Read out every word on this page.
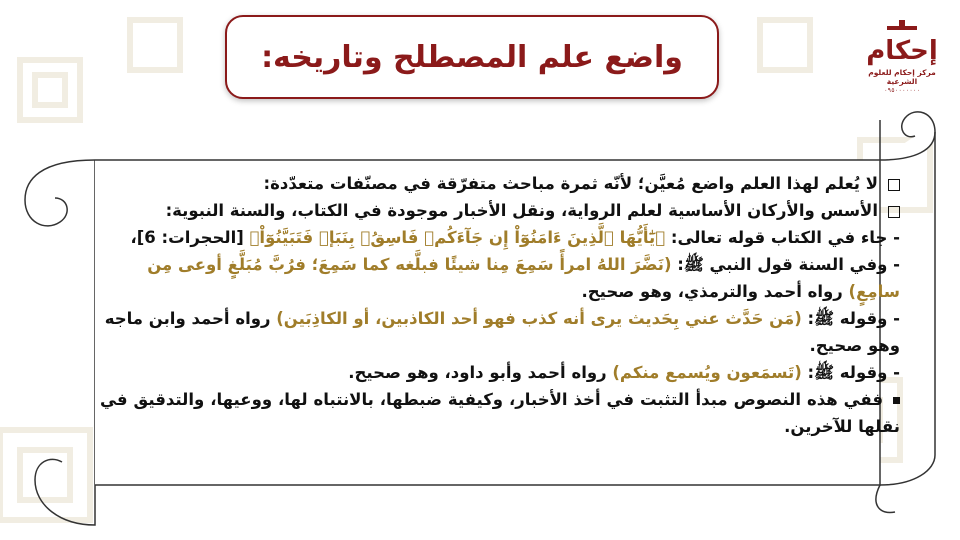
واضع علم المصطلح وتاريخه:	إحكام
مركز إحكام للعلوم الشرعية
٠٩٥٠٠٠٠٠٠٠
لا يُعلم لهذا العلم واضع مُعيَّن؛ لأنّه ثمرة مباحث متفرّقة في مصنّفات متعدّدة:
الأسس والأركان الأساسية لعلم الرواية، ونقل الأخبار موجودة في الكتاب، والسنة النبوية:
- جاء في الكتاب قوله تعالى: ﴿يَٰٓأَيُّهَا ٱلَّذِينَ ءَامَنُوٓاْ إِن جَآءَكُمۡ فَاسِقُۢ بِنَبَإٖ فَتَبَيَّنُوٓاْ﴾ [الحجرات: 6]،
- وفي السنة قول النبي ﷺ: (نَضَّرَ اللهُ امرأً سَمِعَ مِنا شيئًا فبلَّغه كما سَمِعَ؛ فرُبَّ مُبَلَّغٍ أوعى مِن سامِعٍ) رواه أحمد والترمذي، وهو صحيح.
- وقوله ﷺ: (مَن حَدَّث عني بِحَديث يرى أنه كذب فهو أحد الكاذبين، أو الكاذِبَين) رواه أحمد وابن ماجه وهو صحيح.
- وقوله ﷺ: (تَسمَعون ويُسمع منكم) رواه أحمد وأبو داود، وهو صحيح.
ففي هذه النصوص مبدأ التثبت في أخذ الأخبار، وكيفية ضبطها، بالانتباه لها، ووعيها، والتدقيق في نقلها للآخرين.
